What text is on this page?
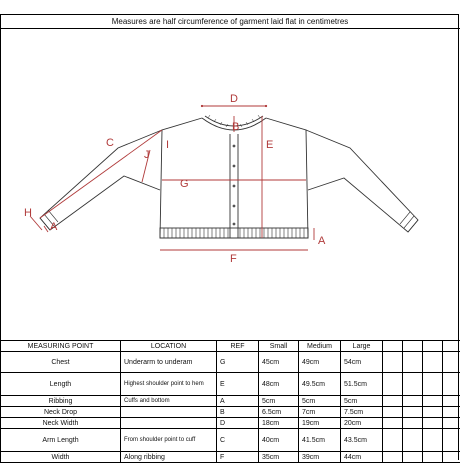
Measures are half circumference of garment laid flat in centimetres
D
B
E
C
J
I
G
H
A
A
F
MEASURING POINT	LOCATION	REF	Small	Medium	Large				
Chest	Underarm to underam	G	45cm	49cm	54cm				
Length	Highest shoulder point to hem	E	48cm	49.5cm	51.5cm				
Ribbing	Cuffs and bottom	A	5cm	5cm	5cm				
Neck Drop		B	6.5cm	7cm	7.5cm				
Neck Width		D	18cm	19cm	20cm				
Arm Length	From shoulder point to cuff	C	40cm	41.5cm	43.5cm				
Width	Along ribbing	F	35cm	39cm	44cm				
